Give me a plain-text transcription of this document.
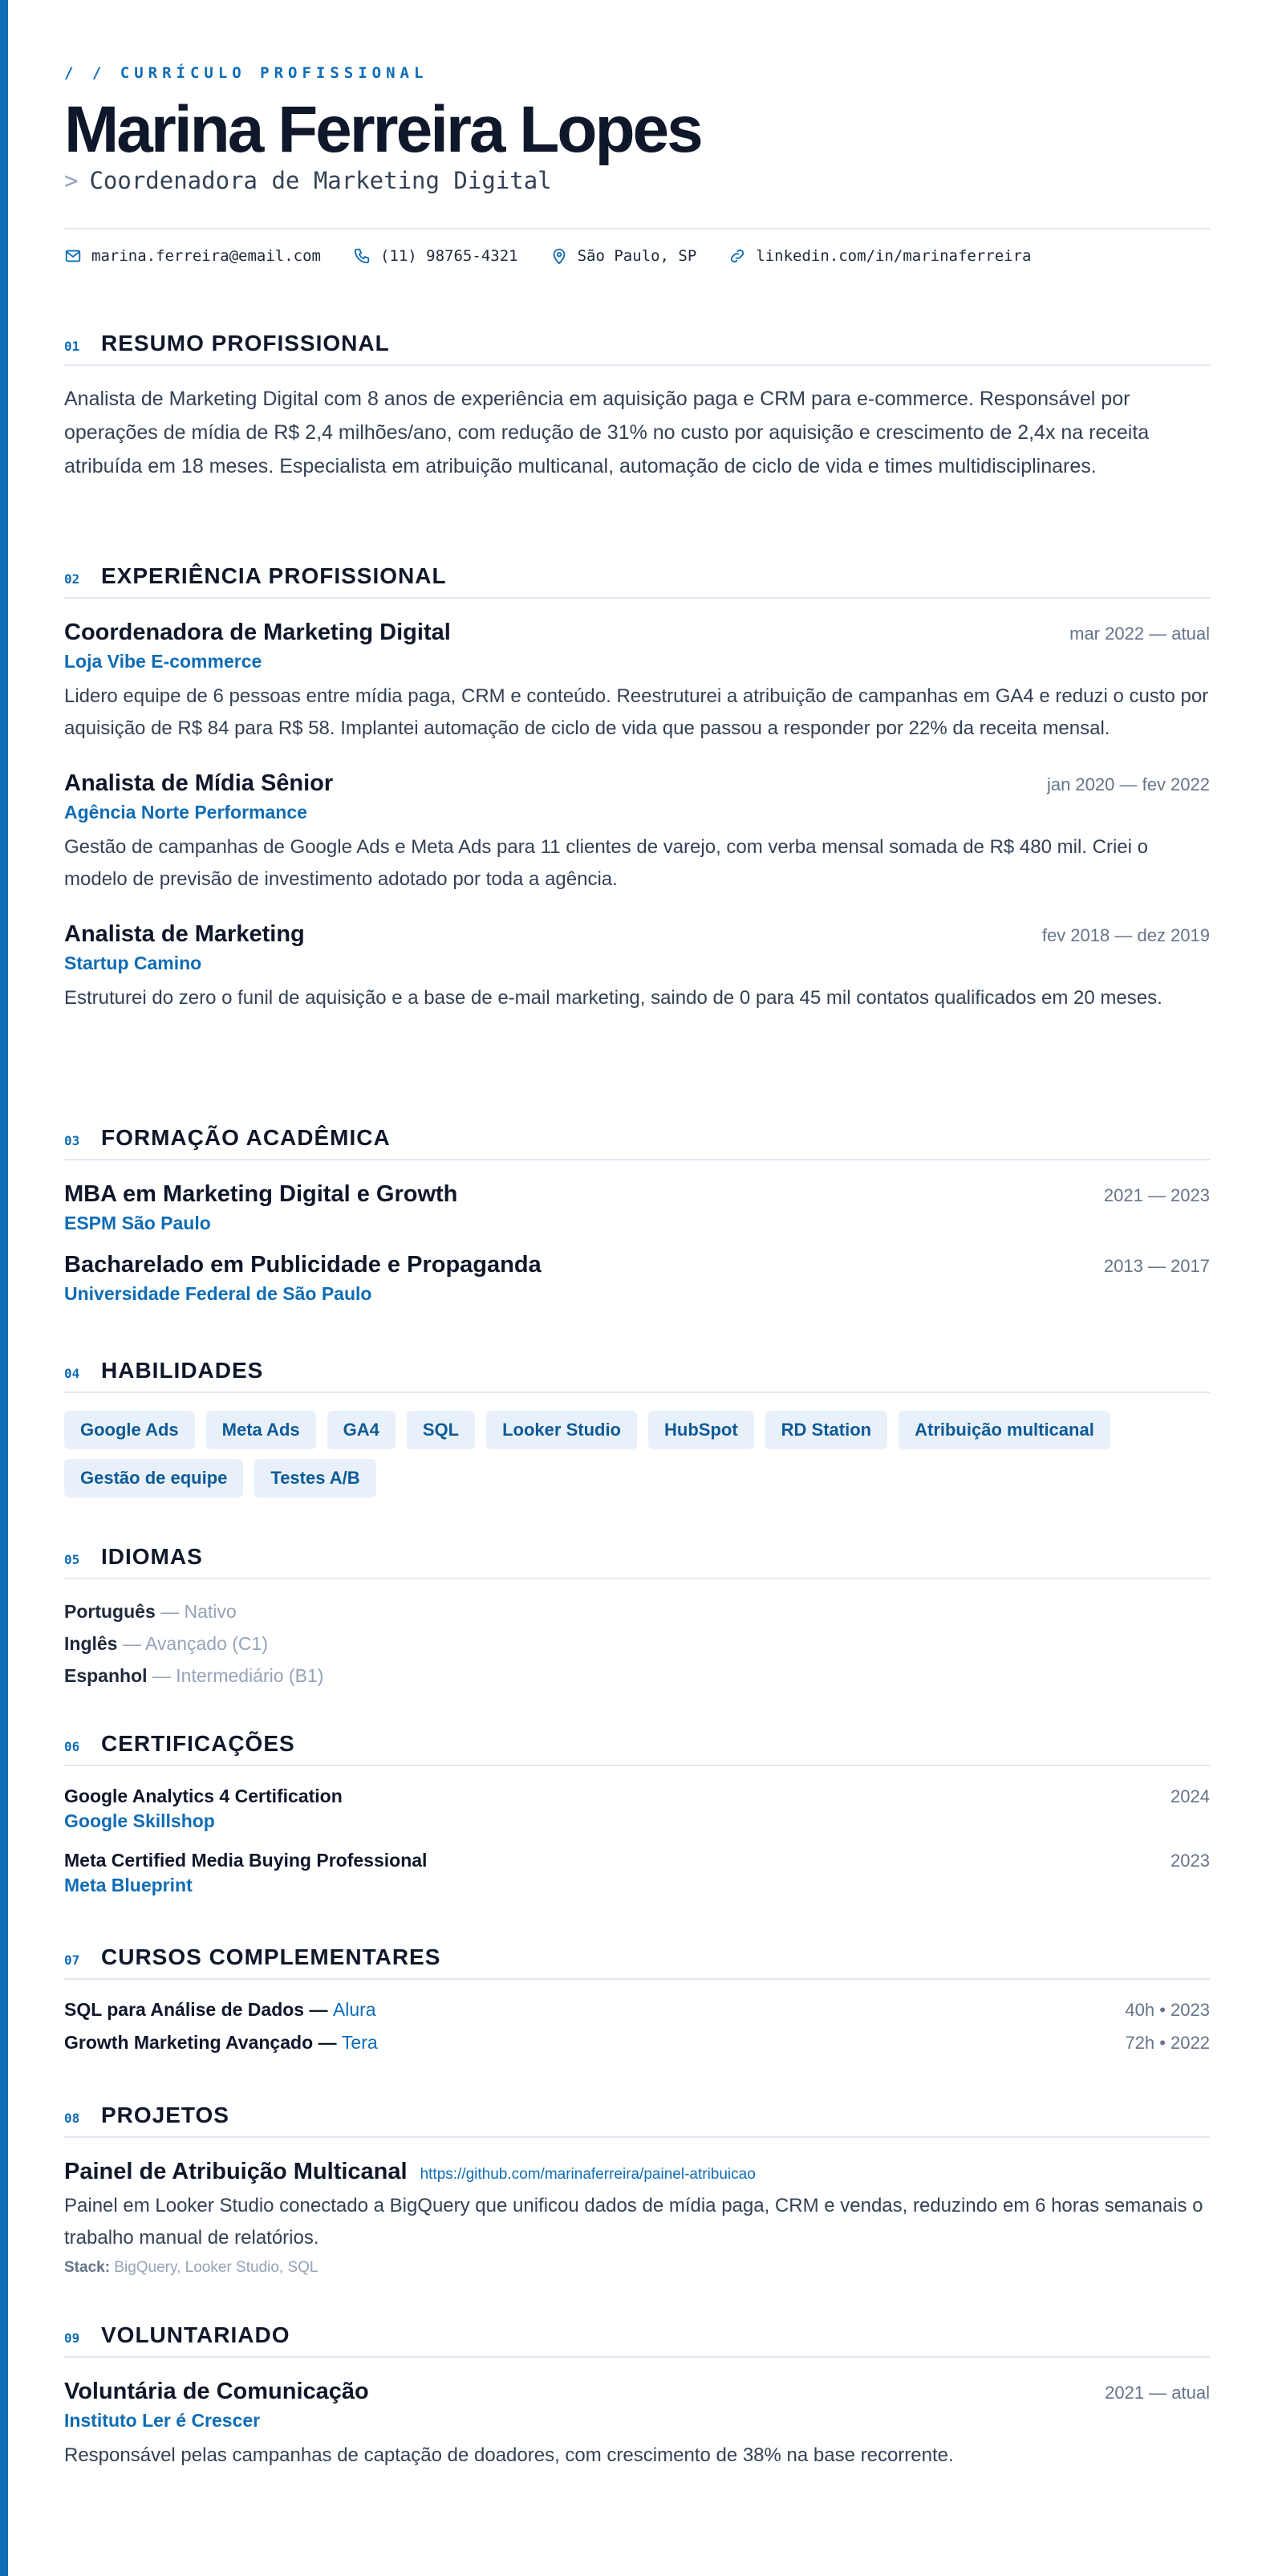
/ / CURRÍCULO PROFISSIONAL
Marina Ferreira Lopes
> Coordenadora de Marketing Digital
marina.ferreira@email.com	(11) 98765-4321	São Paulo, SP	linkedin.com/in/marinaferreira
01 RESUMO PROFISSIONAL
Analista de Marketing Digital com 8 anos de experiência em aquisição paga e CRM para e-commerce. Responsável por operações de mídia de R$ 2,4 milhões/ano, com redução de 31% no custo por aquisição e crescimento de 2,4x na receita atribuída em 18 meses. Especialista em atribuição multicanal, automação de ciclo de vida e times multidisciplinares.
02 EXPERIÊNCIA PROFISSIONAL
Coordenadora de Marketing Digital	mar 2022 — atual
Loja Vibe E-commerce
Lidero equipe de 6 pessoas entre mídia paga, CRM e conteúdo. Reestruturei a atribuição de campanhas em GA4 e reduzi o custo por aquisição de R$ 84 para R$ 58. Implantei automação de ciclo de vida que passou a responder por 22% da receita mensal.
Analista de Mídia Sênior	jan 2020 — fev 2022
Agência Norte Performance
Gestão de campanhas de Google Ads e Meta Ads para 11 clientes de varejo, com verba mensal somada de R$ 480 mil. Criei o modelo de previsão de investimento adotado por toda a agência.
Analista de Marketing	fev 2018 — dez 2019
Startup Camino
Estruturei do zero o funil de aquisição e a base de e-mail marketing, saindo de 0 para 45 mil contatos qualificados em 20 meses.
03 FORMAÇÃO ACADÊMICA
MBA em Marketing Digital e Growth	2021 — 2023
ESPM São Paulo
Bacharelado em Publicidade e Propaganda	2013 — 2017
Universidade Federal de São Paulo
04 HABILIDADES
Google Ads	Meta Ads	GA4	SQL	Looker Studio	HubSpot	RD Station	Atribuição multicanal
Gestão de equipe	Testes A/B
05 IDIOMAS
Português — Nativo
Inglês — Avançado (C1)
Espanhol — Intermediário (B1)
06 CERTIFICAÇÕES
Google Analytics 4 Certification	2024
Google Skillshop
Meta Certified Media Buying Professional	2023
Meta Blueprint
07 CURSOS COMPLEMENTARES
SQL para Análise de Dados — Alura	40h • 2023
Growth Marketing Avançado — Tera	72h • 2022
08 PROJETOS
Painel de Atribuição Multicanal https://github.com/marinaferreira/painel-atribuicao
Painel em Looker Studio conectado a BigQuery que unificou dados de mídia paga, CRM e vendas, reduzindo em 6 horas semanais o trabalho manual de relatórios.
Stack: BigQuery, Looker Studio, SQL
09 VOLUNTARIADO
Voluntária de Comunicação	2021 — atual
Instituto Ler é Crescer
Responsável pelas campanhas de captação de doadores, com crescimento de 38% na base recorrente.
